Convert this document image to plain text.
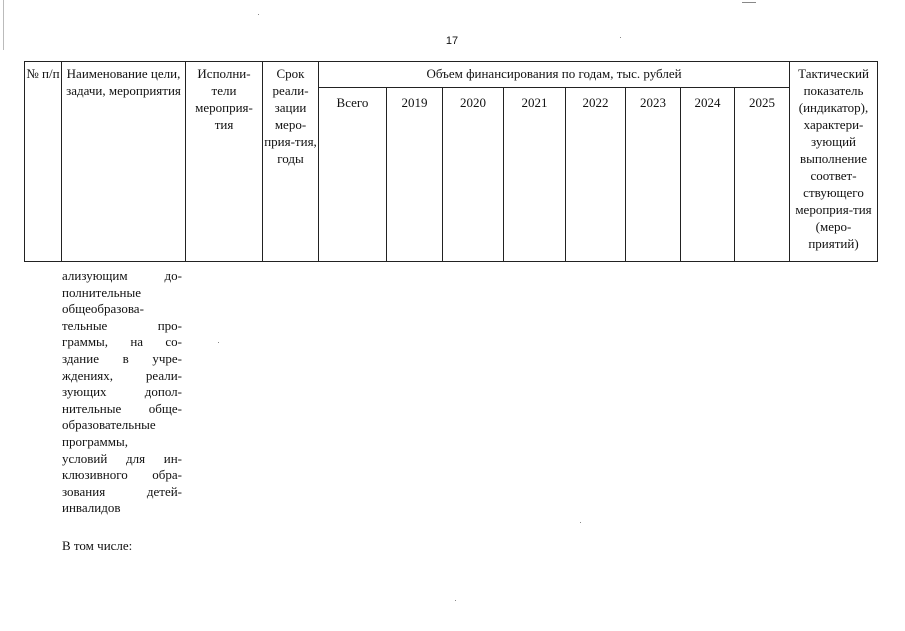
17
№ п/п	Наименование цели, задачи, мероприятия	Исполни-тели мероприя-тия	Срок реали-зации меро-прия-тия, годы	Объем финансирования по годам, тыс. рублей								Тактический показатель (индикатор), характери-зующий выполнение соответ-ствующего мероприя-тия (меро-приятий)
				Всего	2019	2020	2021	2022	2023	2024	2025	
ализующим до-
полнительные
общеобразова-
тельные про-
граммы, на со-
здание в учре-
ждениях, реали-
зующих допол-
нительные обще-
образовательные
программы,
условий для ин-
клюзивного обра-
зования детей-
инвалидов
В том числе:
